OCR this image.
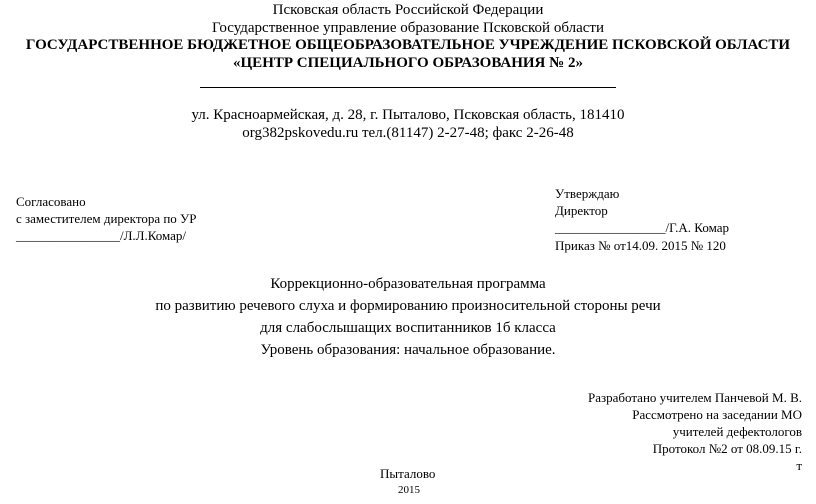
Псковская область Российской Федерации
Государственное управление образование Псковской области
ГОСУДАРСТВЕННОЕ БЮДЖЕТНОЕ ОБЩЕОБРАЗОВАТЕЛЬНОЕ УЧРЕЖДЕНИЕ ПСКОВСКОЙ ОБЛАСТИ
«ЦЕНТР СПЕЦИАЛЬНОГО ОБРАЗОВАНИЯ № 2»
ул. Красноармейская, д. 28, г. Пыталово, Псковская область, 181410
org382pskovedu.ru тел.(81147) 2-27-48; факс 2-26-48
Согласовано
с заместителем директора по УР
________________/Л.Л.Комар/
Утверждаю
Директор
_________________/Г.А. Комар
Приказ № от14.09. 2015 № 120
Коррекционно-образовательная программа
по развитию речевого слуха и формированию произносительной стороны речи
для слабослышащих воспитанников 1б класса
Уровень образования: начальное образование.
Разработано учителем Панчевой М. В.
Рассмотрено на заседании МО
учителей дефектологов
Протокол №2 от 08.09.15 г.
т
Пыталово
2015
